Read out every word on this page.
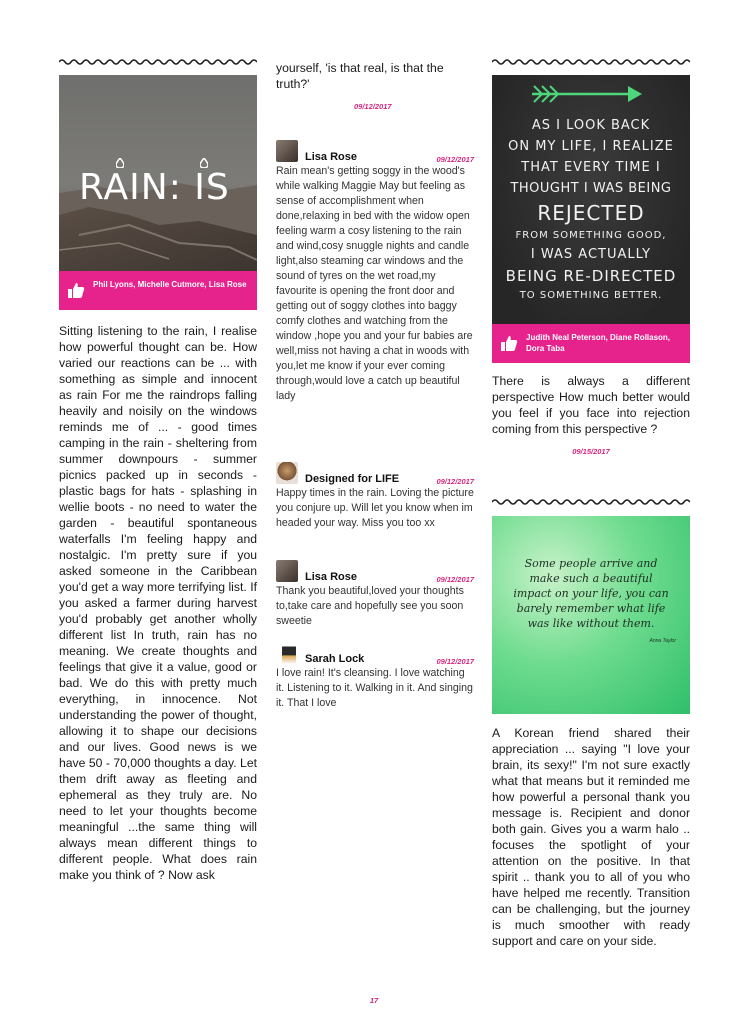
RAIN: IS
Phil Lyons, Michelle Cutmore, Lisa Rose

Sitting listening to the rain, I realise how powerful thought can be. How varied our reactions can be ... with something as simple and innocent as rain For me the raindrops falling heavily and noisily on the windows reminds me of ... - good times camping in the rain - sheltering from summer downpours - summer picnics packed up in seconds - plastic bags for hats - splashing in wellie boots - no need to water the garden - beautiful spontaneous waterfalls I'm feeling happy and nostalgic. I'm pretty sure if you asked someone in the Caribbean you'd get a way more terrifying list. If you asked a farmer during harvest you'd probably get another wholly different list In truth, rain has no meaning. We create thoughts and feelings that give it a value, good or bad. We do this with pretty much everything, in innocence. Not understanding the power of thought, allowing it to shape our decisions and our lives. Good news is we have 50 - 70,000 thoughts a day. Let them drift away as fleeting and ephemeral as they truly are. No need to let your thoughts become meaningful ...the same thing will always mean different things to different people. What does rain make you think of ? Now ask

yourself, 'is that real, is that the truth?'

09/12/2017
Lisa Rose	09/12/2017

Rain mean's getting soggy in the wood's while walking Maggie May but feeling as sense of accomplishment when done,relaxing in bed with the widow open feeling warm a cosy listening to the rain and wind,cosy snuggle nights and candle light,also steaming car windows and the sound of tyres on the wet road,my favourite is opening the front door and getting out of soggy clothes into baggy comfy clothes and watching from the window ,hope you and your fur babies are well,miss not having a chat in woods with you,let me know if your ever coming through,would love a catch up beautiful lady

Designed for LIFE	09/12/2017

Happy times in the rain. Loving the picture you conjure up. Will let you know when im headed your way. Miss you too xx

Lisa Rose	09/12/2017

Thank you beautiful,loved your thoughts to,take care and hopefully see you soon sweetie

Sarah Lock	09/12/2017

I love rain! It's cleansing. I love watching it. Listening to it. Walking in it. And singing it. That I love

AS I LOOK BACK
ON MY LIFE, I REALIZE
THAT EVERY TIME I
THOUGHT I WAS BEING
REJECTED
FROM SOMETHING GOOD,
I WAS ACTUALLY
BEING RE-DIRECTED
TO SOMETHING BETTER.
Judith Neal Peterson, Diane Rollason, Dora Taba

There is always a different perspective How much better would you feel if you face into rejection coming from this perspective ?

09/15/2017
Some people arrive and
make such a beautiful
impact on your life, you can
barely remember what life
was like without them.
Anna Taylor

A Korean friend shared their appreciation ... saying "I love your brain, its sexy!" I'm not sure exactly what that means but it reminded me how powerful a personal thank you message is. Recipient and donor both gain. Gives you a warm halo .. focuses the spotlight of your attention on the positive. In that spirit .. thank you to all of you who have helped me recently. Transition can be challenging, but the journey is much smoother with ready support and care on your side.

17
